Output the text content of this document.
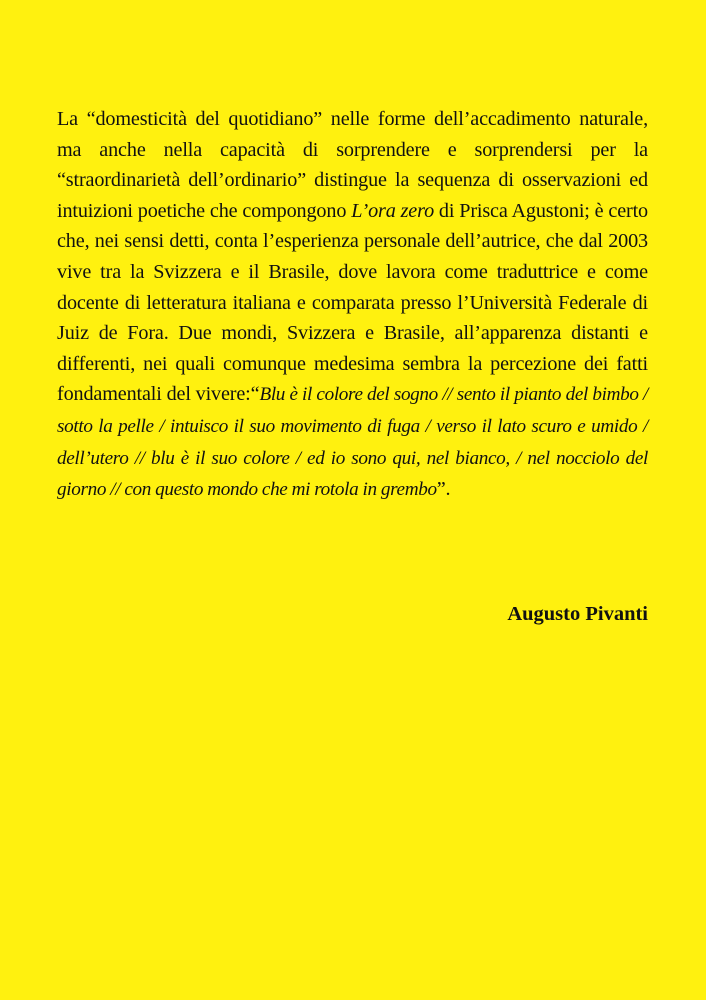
La “domesticità del quotidiano” nelle forme dell’accadimento naturale, ma anche nella capacità di sorprendere e sorprendersi per la “straordinarietà dell’ordinario” distingue la sequenza di osservazioni ed intuizioni poetiche che compongono L’ora zero di Prisca Agustoni; è certo che, nei sensi detti, conta l’esperienza personale dell’autrice, che dal 2003 vive tra la Svizzera e il Brasile, dove lavora come traduttrice e come docente di letteratura italiana e comparata presso l’Università Federale di Juiz de Fora. Due mondi, Svizzera e Brasile, all’apparenza distanti e differenti, nei quali comunque medesima sembra la percezione dei fatti fondamentali del vivere:“Blu è il colore del sogno // sento il pianto del bimbo / sotto la pelle / intuisco il suo movimento di fuga / verso il lato scuro e umido / dell’utero // blu è il suo colore / ed io sono qui, nel bianco, / nel nocciolo del giorno // con questo mondo che mi rotola in grembo”.

Augusto Pivanti
